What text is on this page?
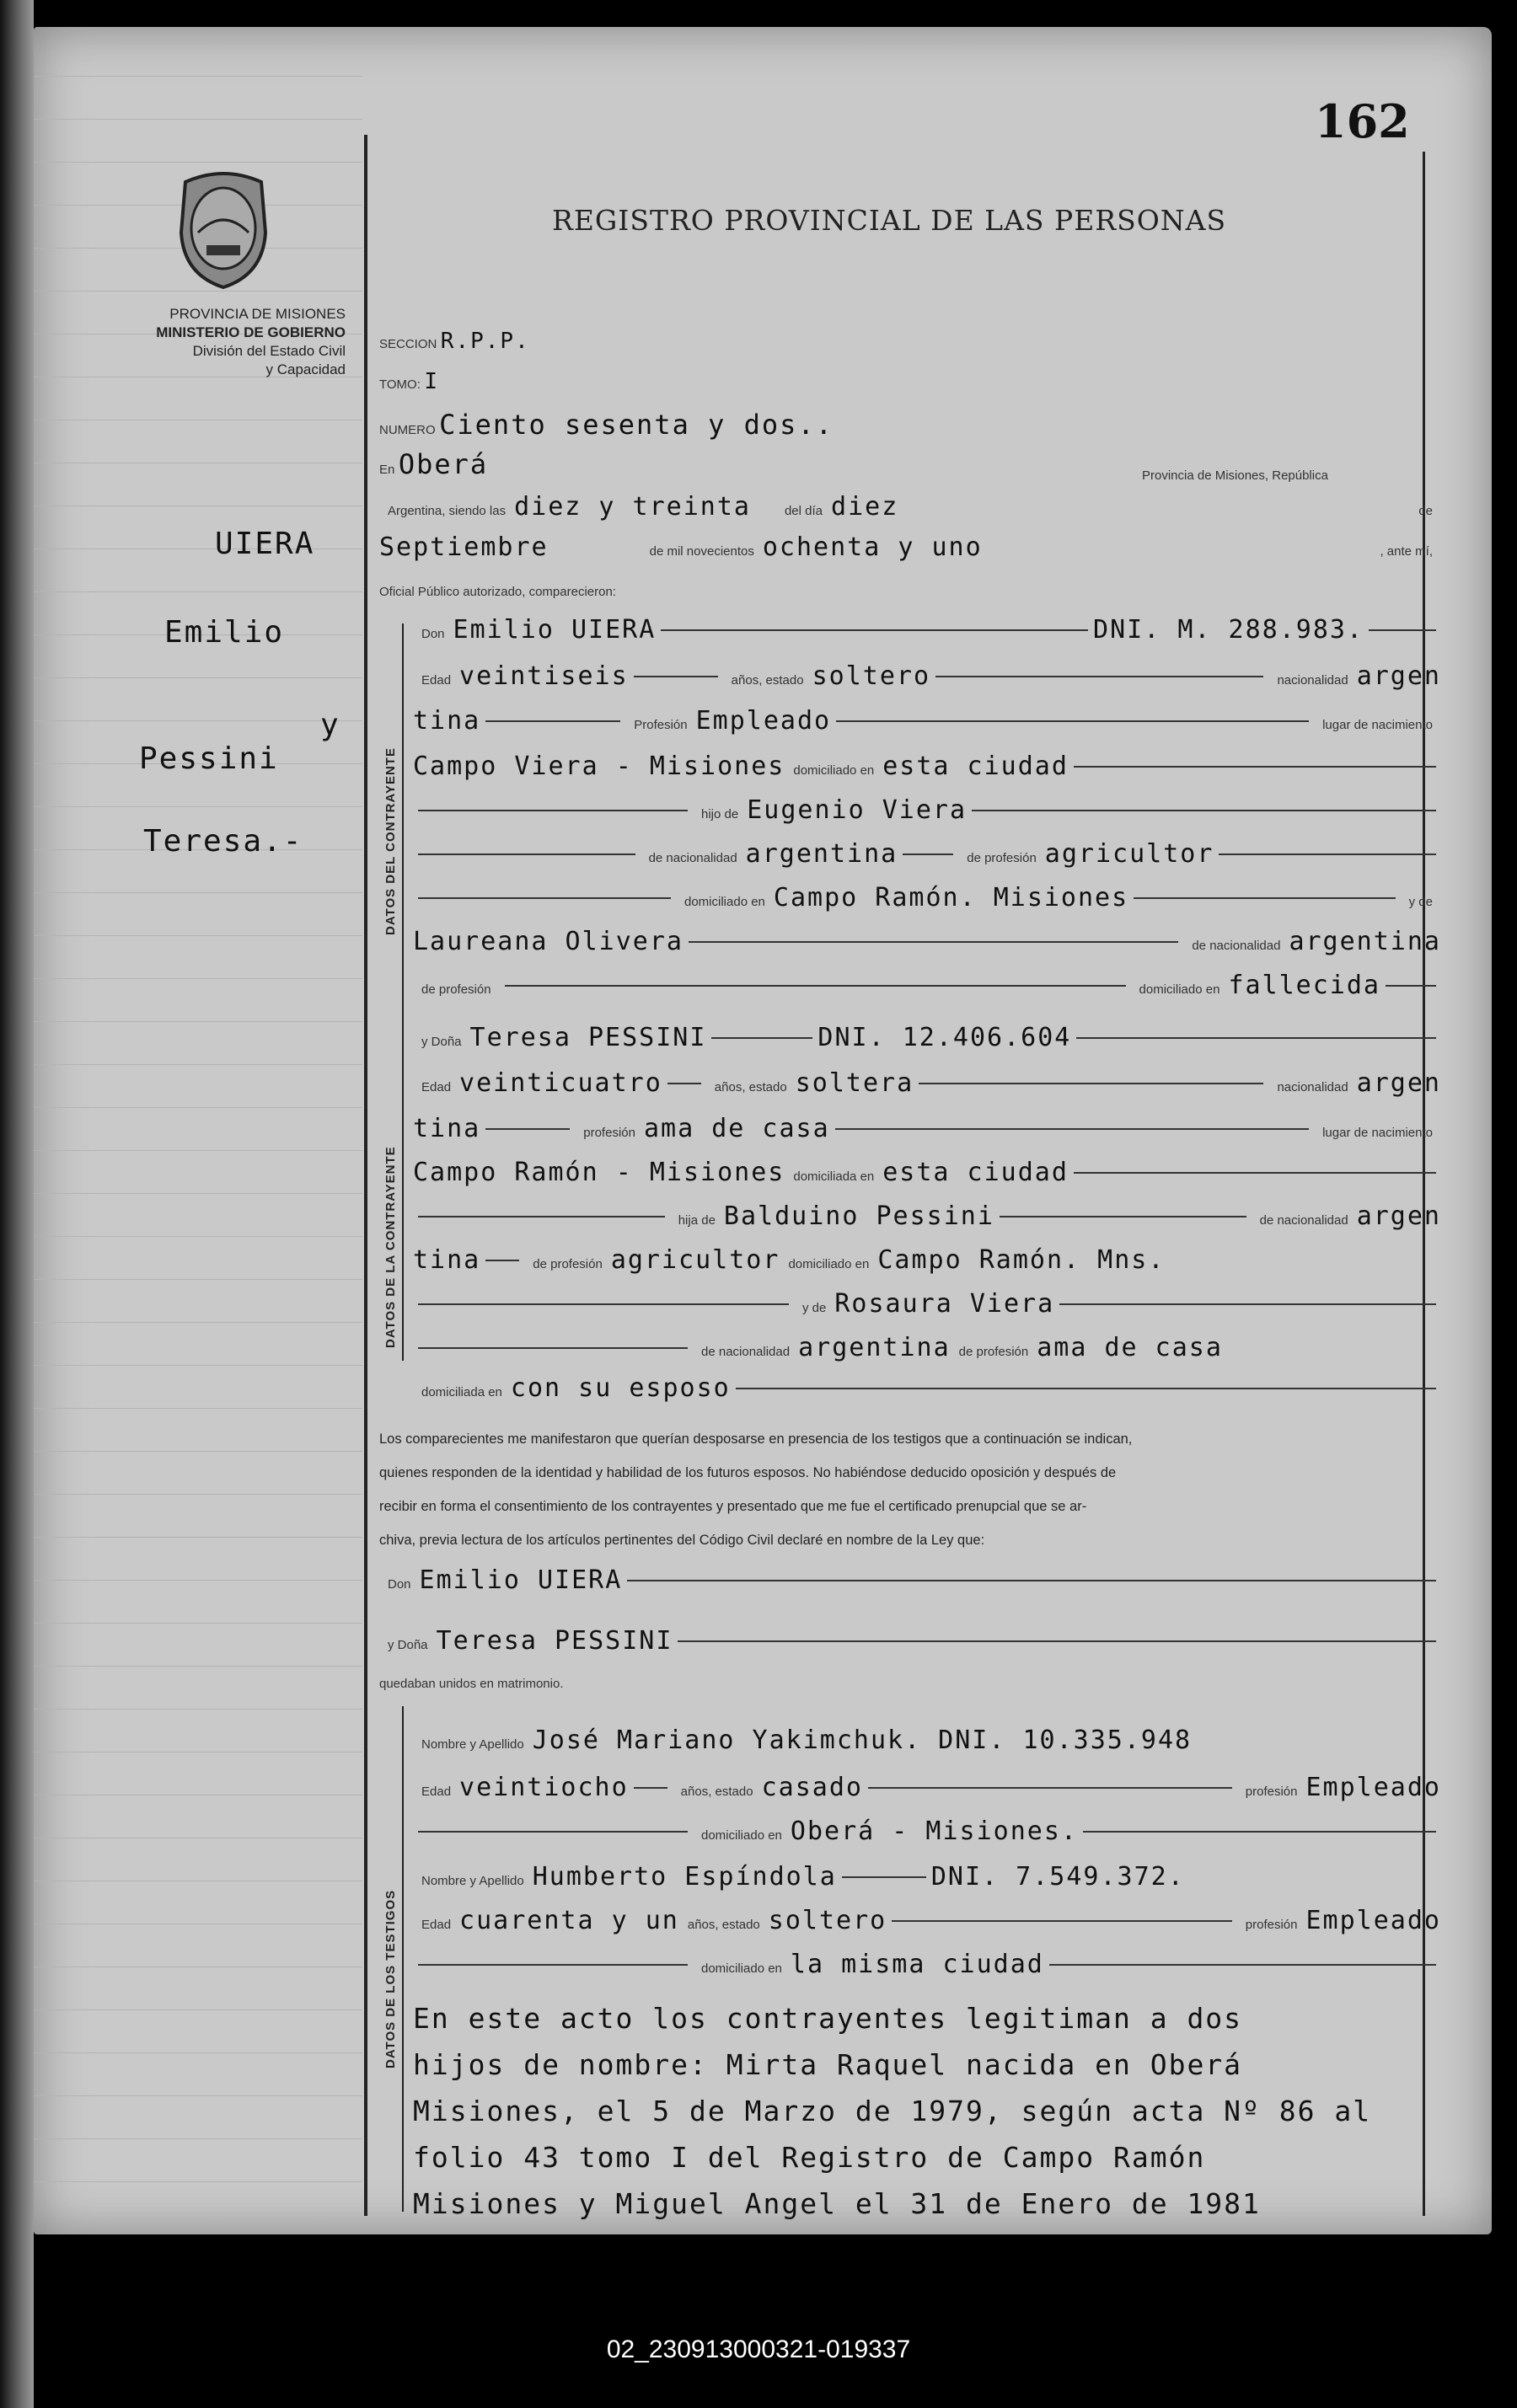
162
PROVINCIA DE MISIONES
MINISTERIO DE GOBIERNO
División del Estado Civil
y Capacidad
REGISTRO PROVINCIAL DE LAS PERSONAS
UIERA
Emilio
y
Pessini
Teresa.-
SECCION R.P.P.
TOMO: I
NUMERO Ciento sesenta y dos..
En Oberá	Provincia de Misiones, República
Argentina, siendo las diez y treinta	del día diez	de
Septiembre	de mil novecientos ochenta y uno	, ante mí,
Oficial Público autorizado, comparecieron:
DATOS DEL CONTRAYENTE
Don Emilio UIERA	DNI. M. 288.983.
Edad veintiseis	años, estado soltero	nacionalidad argen
tina	Profesión Empleado	lugar de nacimiento
Campo Viera - Misiones domiciliado en esta ciudad
hijo de Eugenio Viera
de nacionalidad argentina	de profesión agricultor
domiciliado en Campo Ramón. Misiones	y de
Laureana Olivera	de nacionalidad argentina
de profesión	domiciliado en fallecida
DATOS DE LA CONTRAYENTE
y Doña Teresa PESSINI	DNI. 12.406.604
Edad veinticuatro	años, estado soltera	nacionalidad argen
tina	profesión ama de casa	lugar de nacimiento
Campo Ramón - Misiones domiciliada en esta ciudad
hija de Balduino Pessini	de nacionalidad argen
tina	de profesión agricultor domiciliado en Campo Ramón. Mns.
y de Rosaura Viera
de nacionalidad argentina de profesión ama de casa
domiciliada en con su esposo
Los comparecientes me manifestaron que querían desposarse en presencia de los testigos que a continuación se indican,
quienes responden de la identidad y habilidad de los futuros esposos. No habiéndose deducido oposición y después de
recibir en forma el consentimiento de los contrayentes y presentado que me fue el certificado prenupcial que se ar-
chiva, previa lectura de los artículos pertinentes del Código Civil declaré en nombre de la Ley que:
Don Emilio UIERA
y Doña Teresa PESSINI
quedaban unidos en matrimonio.
DATOS DE LOS TESTIGOS
Nombre y Apellido José Mariano Yakimchuk. DNI. 10.335.948
Edad veintiocho	años, estado casado	profesión Empleado
domiciliado en Oberá - Misiones.
Nombre y Apellido Humberto Espíndola	DNI. 7.549.372.
Edad cuarenta y un años, estado soltero	profesión Empleado
domiciliado en la misma ciudad
En este acto los contrayentes legitiman a dos
hijos de nombre: Mirta Raquel nacida en Oberá
Misiones, el 5 de Marzo de 1979, según acta Nº 86 al
folio 43 tomo I del Registro de Campo Ramón
Misiones y Miguel Angel el 31 de Enero de 1981
02_230913000321-019337
